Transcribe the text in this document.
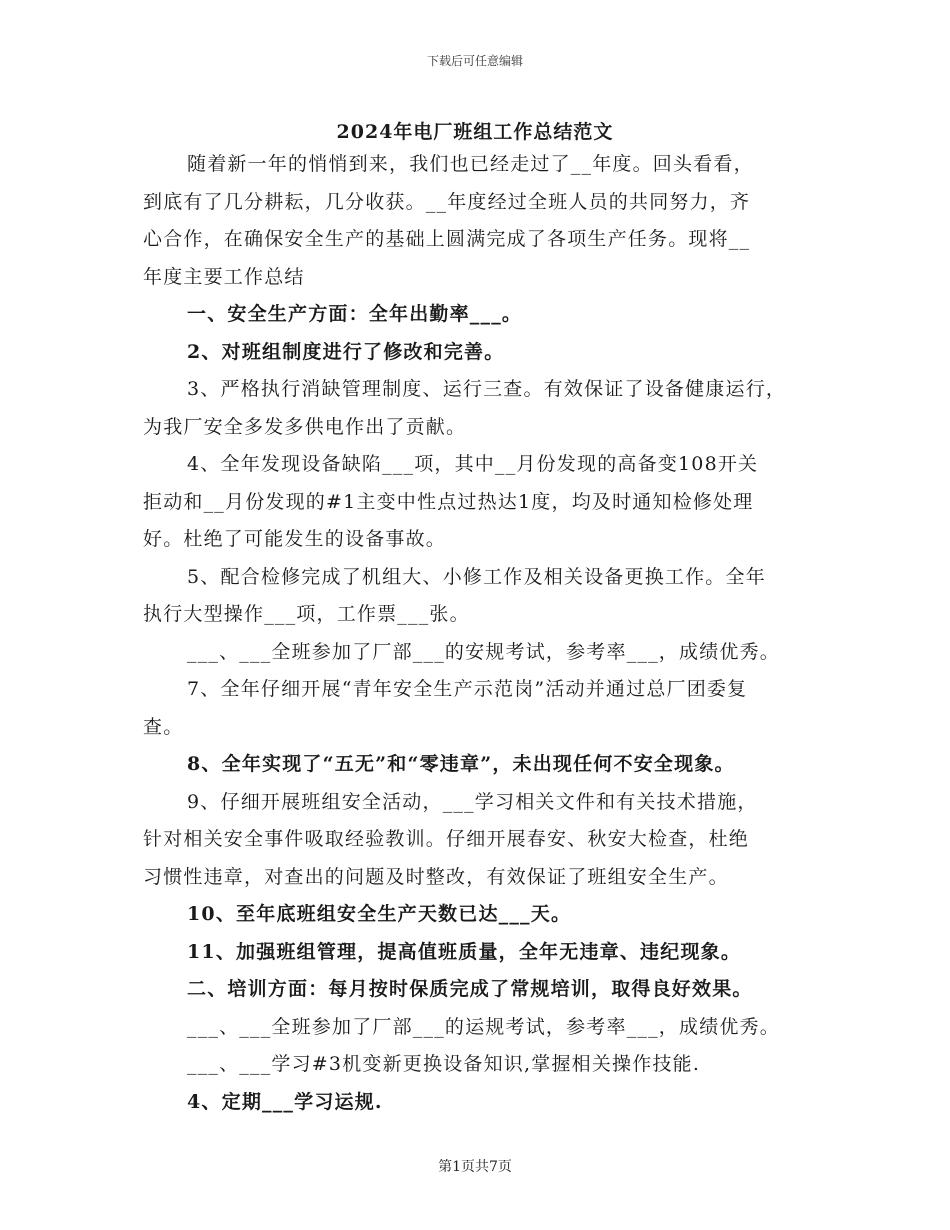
下载后可任意编辑
2024年电厂班组工作总结范文
随着新一年的悄悄到来，我们也已经走过了__年度。回头看看，
到底有了几分耕耘，几分收获。__年度经过全班人员的共同努力，齐
心合作，在确保安全生产的基础上圆满完成了各项生产任务。现将__
年度主要工作总结
一、安全生产方面：全年出勤率___。
2、对班组制度进行了修改和完善。
3、严格执行消缺管理制度、运行三查。有效保证了设备健康运行，
为我厂安全多发多供电作出了贡献。
4、全年发现设备缺陷___项，其中__月份发现的高备变108开关
拒动和__月份发现的#1主变中性点过热达1度，均及时通知检修处理
好。杜绝了可能发生的设备事故。
5、配合检修完成了机组大、小修工作及相关设备更换工作。全年
执行大型操作___项，工作票___张。
___、___全班参加了厂部___的安规考试，参考率___，成绩优秀。
7、全年仔细开展“青年安全生产示范岗”活动并通过总厂团委复
查。
8、全年实现了“五无”和“零违章”，未出现任何不安全现象。
9、仔细开展班组安全活动，___学习相关文件和有关技术措施，
针对相关安全事件吸取经验教训。仔细开展春安、秋安大检查，杜绝
习惯性违章，对查出的问题及时整改，有效保证了班组安全生产。
10、至年底班组安全生产天数已达___天。
11、加强班组管理，提高值班质量，全年无违章、违纪现象。
二、培训方面：每月按时保质完成了常规培训，取得良好效果。
___、___全班参加了厂部___的运规考试，参考率___，成绩优秀。
___、___学习#3机变新更换设备知识,掌握相关操作技能.
4、定期___学习运规.
第1页共7页
